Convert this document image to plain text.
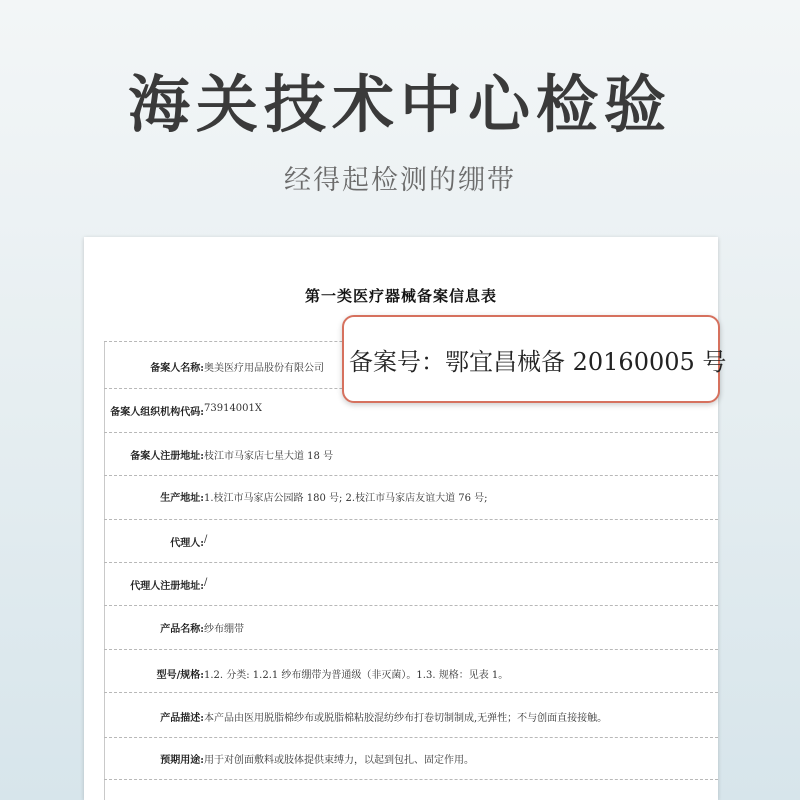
海关技术中心检验
经得起检测的绷带
第一类医疗器械备案信息表
备案人名称: 奥美医疗用品股份有限公司
备案人组织机构代码: 73914001X
备案人注册地址: 枝江市马家店七星大道 18 号
生产地址: 1.枝江市马家店公园路 180 号; 2.枝江市马家店友谊大道 76 号;
代理人: /
代理人注册地址: /
产品名称: 纱布绷带
型号/规格: 1.2. 分类: 1.2.1 纱布绷带为普通级（非灭菌）。1.3. 规格：见表 1。
产品描述: 本产品由医用脱脂棉纱布或脱脂棉粘胶混纺纱布打卷切制制成,无弹性；不与创面直接接触。
预期用途: 用于对创面敷料或肢体提供束缚力，以起到包扎、固定作用。
备案号： 鄂宜昌械备 20160005 号
